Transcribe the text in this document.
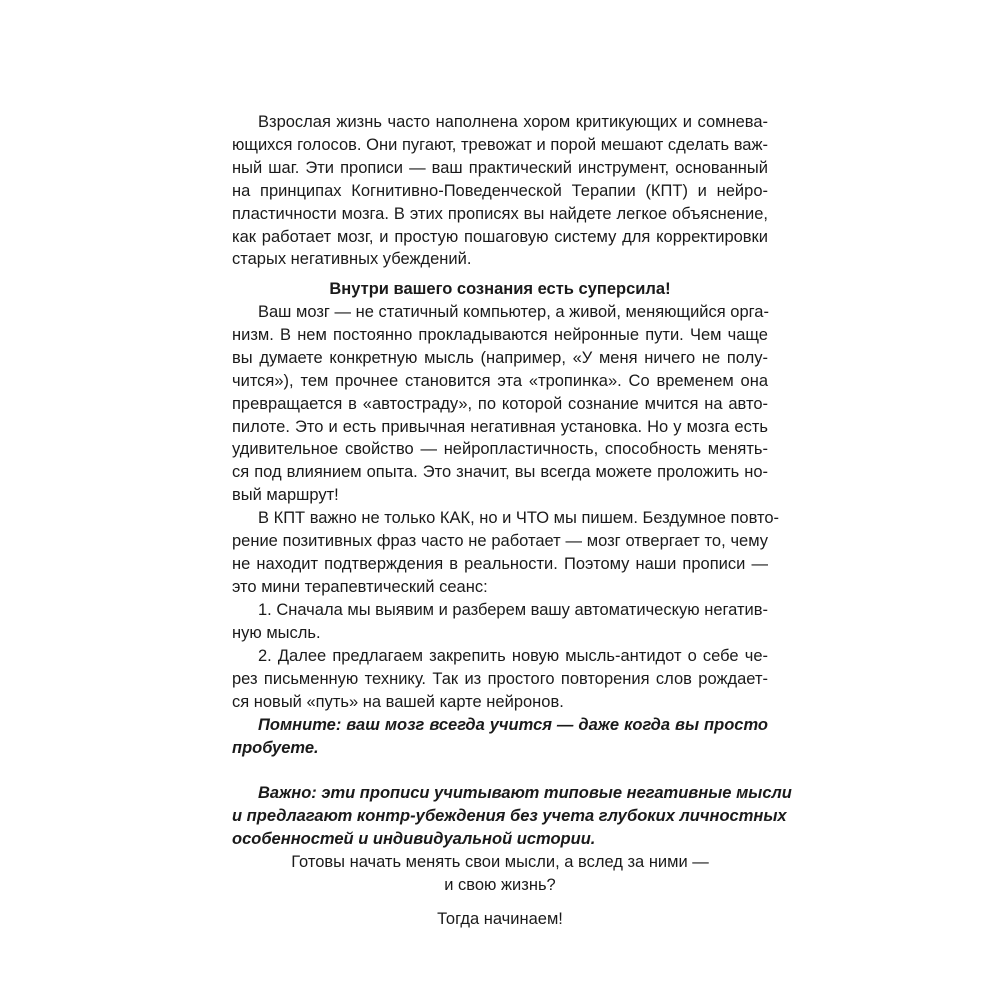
Взрослая жизнь часто наполнена хором критикующих и сомнева-
ющихся голосов. Они пугают, тревожат и порой мешают сделать важ-
ный шаг. Эти прописи — ваш практический инструмент, основанный
на принципах Когнитивно-Поведенческой Терапии (КПТ) и нейро-
пластичности мозга. В этих прописях вы найдете легкое объяснение,
как работает мозг, и простую пошаговую систему для корректировки
старых негативных убеждений.
Внутри вашего сознания есть суперсила!
Ваш мозг — не статичный компьютер, а живой, меняющийся орга-
низм. В нем постоянно прокладываются нейронные пути. Чем чаще
вы думаете конкретную мысль (например, «У меня ничего не полу-
чится»), тем прочнее становится эта «тропинка». Со временем она
превращается в «автостраду», по которой сознание мчится на авто-
пилоте. Это и есть привычная негативная установка. Но у мозга есть
удивительное свойство — нейропластичность, способность менять-
ся под влиянием опыта. Это значит, вы всегда можете проложить но-
вый маршрут!
В КПТ важно не только КАК, но и ЧТО мы пишем. Бездумное повто-
рение позитивных фраз часто не работает — мозг отвергает то, чему
не находит подтверждения в реальности. Поэтому наши прописи —
это мини терапевтический сеанс:
1. Сначала мы выявим и разберем вашу автоматическую негатив-
ную мысль.
2. Далее предлагаем закрепить новую мысль-антидот о себе че-
рез письменную технику. Так из простого повторения слов рождает-
ся новый «путь» на вашей карте нейронов.
Помните: ваш мозг всегда учится — даже когда вы просто
пробуете.
Важно: эти прописи учитывают типовые негативные мысли
и предлагают контр-убеждения без учета глубоких личностных
особенностей и индивидуальной истории.
Готовы начать менять свои мысли, а вслед за ними —
и свою жизнь?
Тогда начинаем!
